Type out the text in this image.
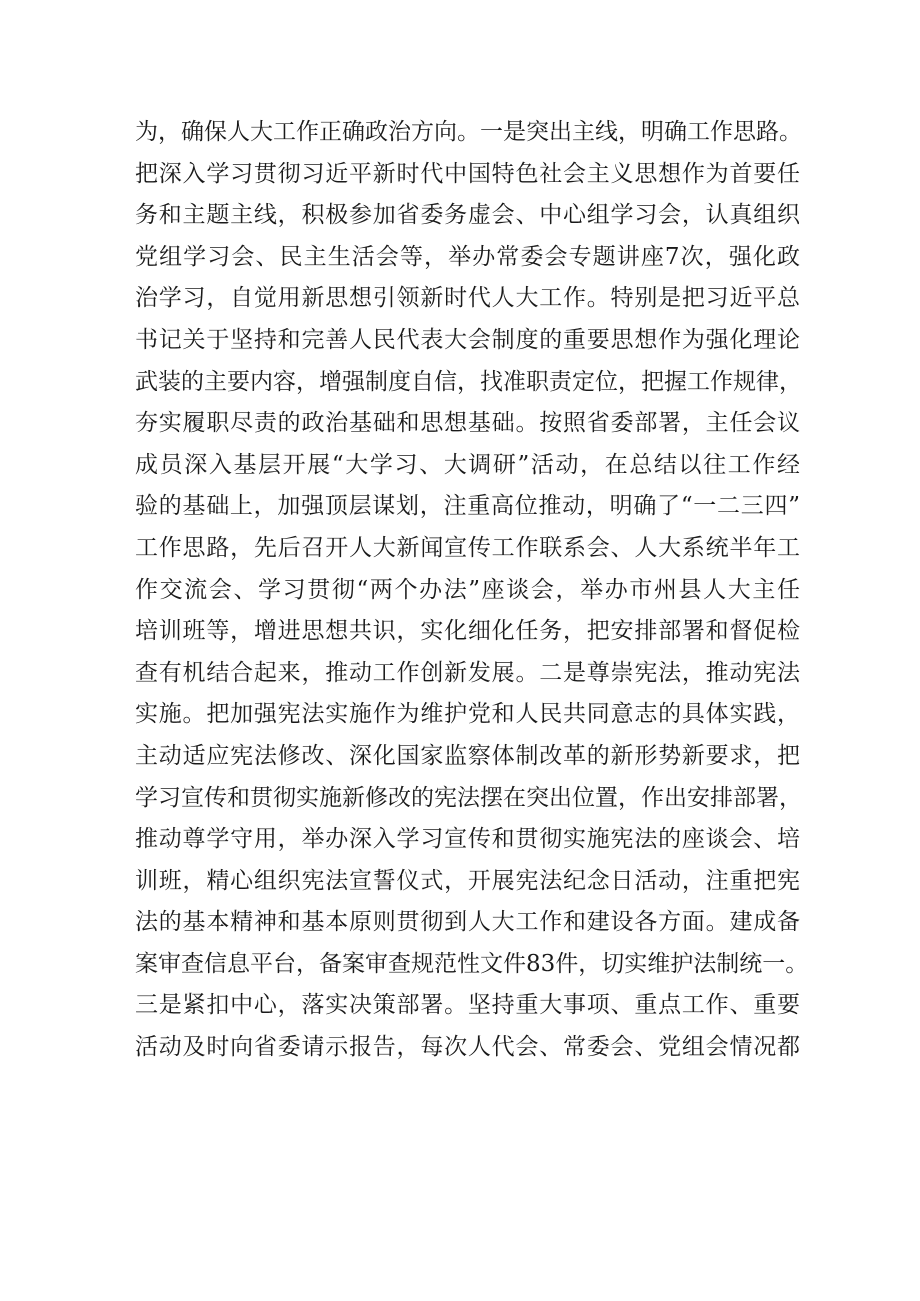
为，确保人大工作正确政治方向。一是突出主线，明确工作思路。
把深入学习贯彻习近平新时代中国特色社会主义思想作为首要任
务和主题主线，积极参加省委务虚会、中心组学习会，认真组织
党组学习会、民主生活会等，举办常委会专题讲座7次，强化政
治学习，自觉用新思想引领新时代人大工作。特别是把习近平总
书记关于坚持和完善人民代表大会制度的重要思想作为强化理论
武装的主要内容，增强制度自信，找准职责定位，把握工作规律，
夯实履职尽责的政治基础和思想基础。按照省委部署，主任会议
成员深入基层开展“大学习、大调研”活动，在总结以往工作经
验的基础上，加强顶层谋划，注重高位推动，明确了“一二三四”
工作思路，先后召开人大新闻宣传工作联系会、人大系统半年工
作交流会、学习贯彻“两个办法”座谈会，举办市州县人大主任
培训班等，增进思想共识，实化细化任务，把安排部署和督促检
查有机结合起来，推动工作创新发展。二是尊崇宪法，推动宪法
实施。把加强宪法实施作为维护党和人民共同意志的具体实践，
主动适应宪法修改、深化国家监察体制改革的新形势新要求，把
学习宣传和贯彻实施新修改的宪法摆在突出位置，作出安排部署，
推动尊学守用，举办深入学习宣传和贯彻实施宪法的座谈会、培
训班，精心组织宪法宣誓仪式，开展宪法纪念日活动，注重把宪
法的基本精神和基本原则贯彻到人大工作和建设各方面。建成备
案审查信息平台，备案审查规范性文件83件，切实维护法制统一。
三是紧扣中心，落实决策部署。坚持重大事项、重点工作、重要
活动及时向省委请示报告，每次人代会、常委会、党组会情况都
